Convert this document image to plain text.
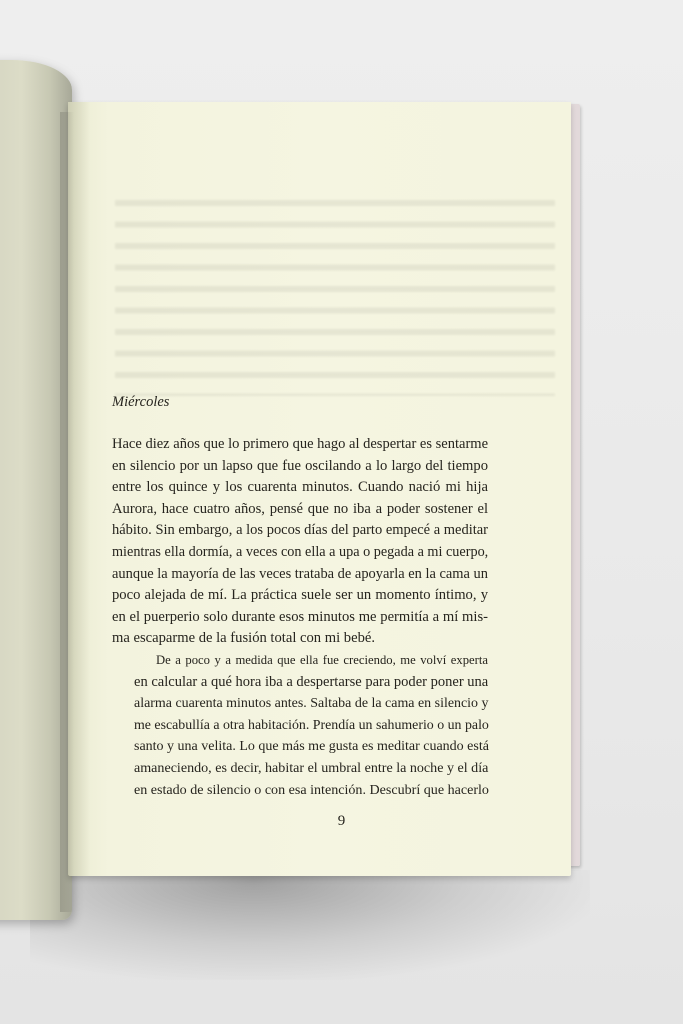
Miércoles

Hace diez años que lo primero que hago al despertar es sentarme
en silencio por un lapso que fue oscilando a lo largo del tiempo
entre los quince y los cuarenta minutos. Cuando nació mi hija
Aurora, hace cuatro años, pensé que no iba a poder sostener el
hábito. Sin embargo, a los pocos días del parto empecé a meditar
mientras ella dormía, a veces con ella a upa o pegada a mi cuerpo,
aunque la mayoría de las veces trataba de apoyarla en la cama un
poco alejada de mí. La práctica suele ser un momento íntimo, y
en el puerperio solo durante esos minutos me permitía a mí mis-
ma escaparme de la fusión total con mi bebé.

De a poco y a medida que ella fue creciendo, me volví experta
en calcular a qué hora iba a despertarse para poder poner una
alarma cuarenta minutos antes. Saltaba de la cama en silencio y
me escabullía a otra habitación. Prendía un sahumerio o un palo
santo y una velita. Lo que más me gusta es meditar cuando está
amaneciendo, es decir, habitar el umbral entre la noche y el día
en estado de silencio o con esa intención. Descubrí que hacerlo

9
